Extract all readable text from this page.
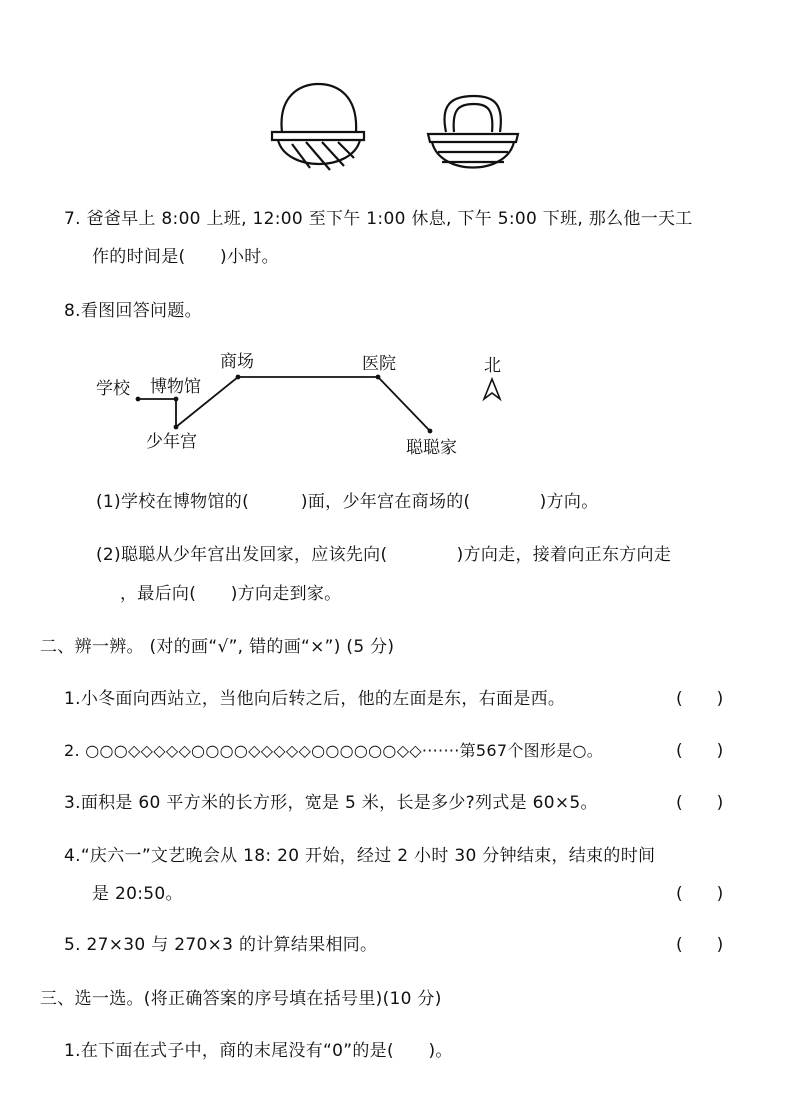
7. 爸爸早上 8:00 上班, 12:00 至下午 1:00 休息, 下午 5:00 下班, 那么他一天工
作的时间是(　　)小时。
8.看图回答问题。
学校 博物馆
商场	医院
少年宫	聪聪家
北
(1)学校在博物馆的(　　　)面，少年宫在商场的(　　　　)方向。
(2)聪聪从少年宫出发回家，应该先向(　　　　)方向走，接着向正东方向走
，最后向(　　)方向走到家。
二、辨一辨。 (对的画“√”, 错的画“×”) (5 分)
1.小冬面向西站立，当他向后转之后，他的左面是东，右面是西。	(　　)
2. ○○○◇◇◇◇◇○○○○◇◇◇◇◇○○○○○○◇◇·······第567个图形是○。	(　　)
3.面积是 60 平方米的长方形，宽是 5 米，长是多少?列式是 60×5。	(　　)
4.“庆六一”文艺晚会从 18: 20 开始，经过 2 小时 30 分钟结束，结束的时间
是 20:50。	(　　)
5. 27×30 与 270×3 的计算结果相同。	(　　)
三、选一选。(将正确答案的序号填在括号里)(10 分)
1.在下面在式子中，商的末尾没有“0”的是(　　)。
